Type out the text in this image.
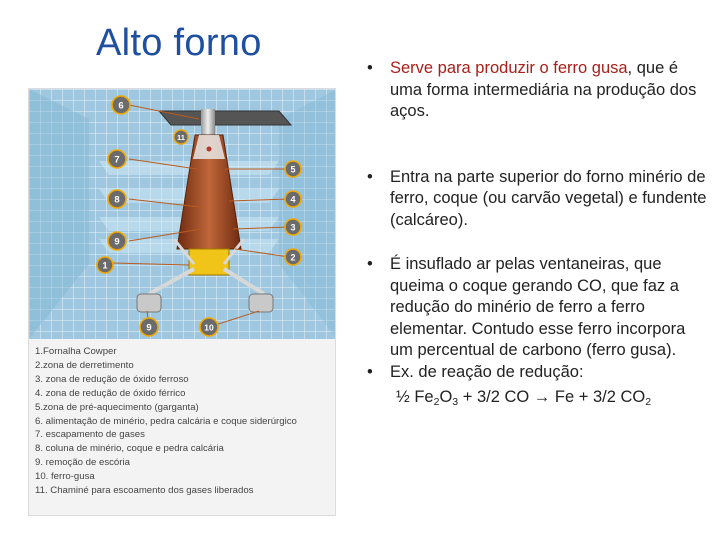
Alto forno
6
11
7
8
9
1
5
4
3
2
9	10
1.Fornalha Cowper
2.zona de derretimento
3. zona de redução de óxido ferroso
4. zona de redução de óxido férrico
5.zona de pré-aquecimento (garganta)
6. alimentação de minério, pedra calcária e coque siderúrgico
7. escapamento de gases
8. coluna de minério, coque e pedra calcária
9. remoção de escória
10. ferro-gusa
11. Chaminé para escoamento dos gases liberados
• Serve para produzir o ferro gusa, que é uma forma intermediária na produção dos aços.
• Entra na parte superior do forno minério de ferro, coque (ou carvão vegetal) e fundente (calcáreo).
• É insuflado ar pelas ventaneiras, que queima o coque gerando CO, que faz a redução do minério de ferro a ferro elementar. Contudo esse ferro incorpora um percentual de carbono (ferro gusa).
• Ex. de reação de redução:
½ $Fe_2O_3 + 3/2$ CO → Fe + 3/2 $CO_2$
